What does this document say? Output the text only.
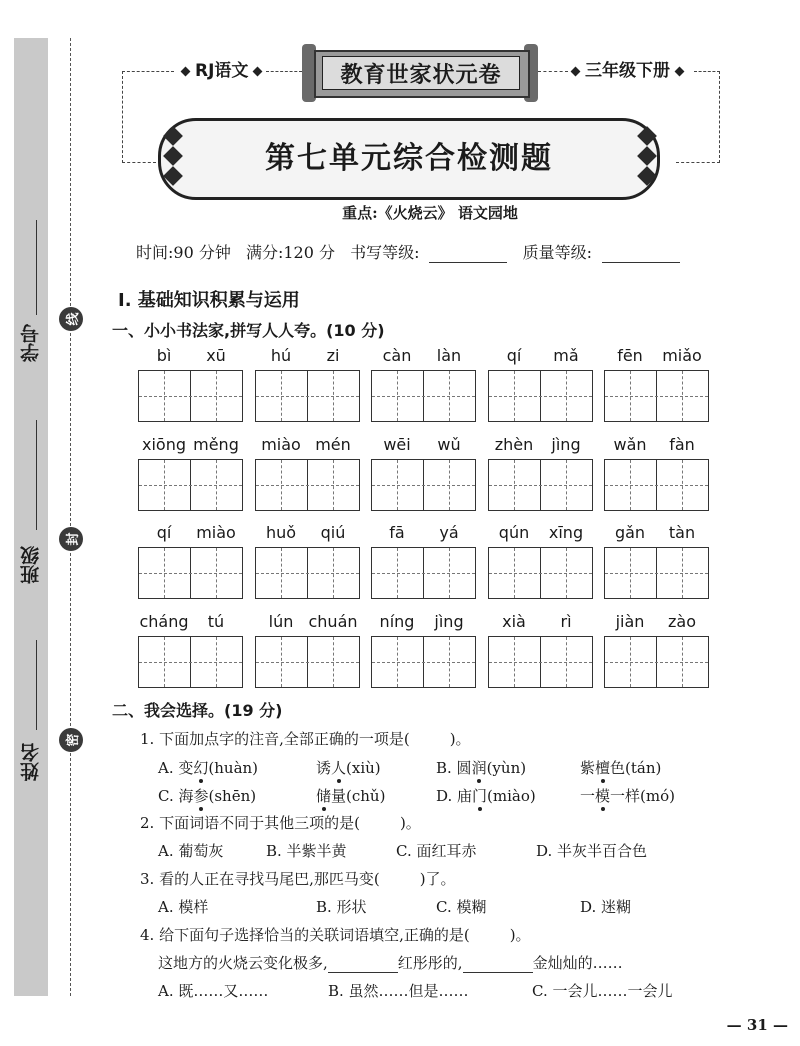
学号
班级
姓名
线
封
密
RJ语文	三年级下册
教育世家状元卷
第七单元综合检测题
重点:《火烧云》 语文园地
时间:90 分钟 满分:120 分 书写等级:	质量等级:
Ⅰ. 基础知识积累与运用
一、小小书法家,拼写人人夸。(10 分)
bì	xū	hú	zi	càn	làn	qí	mǎ	fēn	miǎo
xiōng měng	miào mén	wēi	wǔ	zhèn	jìng	wǎn	fàn
qí	miào	huǒ	qiú	fā	yá	qún	xīng	gǎn	tàn
cháng	tú	lún chuán	níng	jìng	xià	rì	jiàn	zào
二、我会选择。(19 分)
1. 下面加点字的注音,全部正确的一项是(	)。
A. 变幻(huàn)	诱人(xiù)	B. 圆润(yùn)	紫檀色(tán)
C. 海参(shēn)	储量(chǔ)	D. 庙门(miào)	一模一样(mó)
2. 下面词语不同于其他三项的是(	)。
A. 葡萄灰	B. 半紫半黄	C. 面红耳赤	D. 半灰半百合色
3. 看的人正在寻找马尾巴,那匹马变(	)了。
A. 模样	B. 形状	C. 模糊	D. 迷糊
4. 给下面句子选择恰当的关联词语填空,正确的是(	)。
这地方的火烧云变化极多,	红彤彤的,	金灿灿的……
A. 既……又……	B. 虽然……但是……	C. 一会儿……一会儿
— 31 —
